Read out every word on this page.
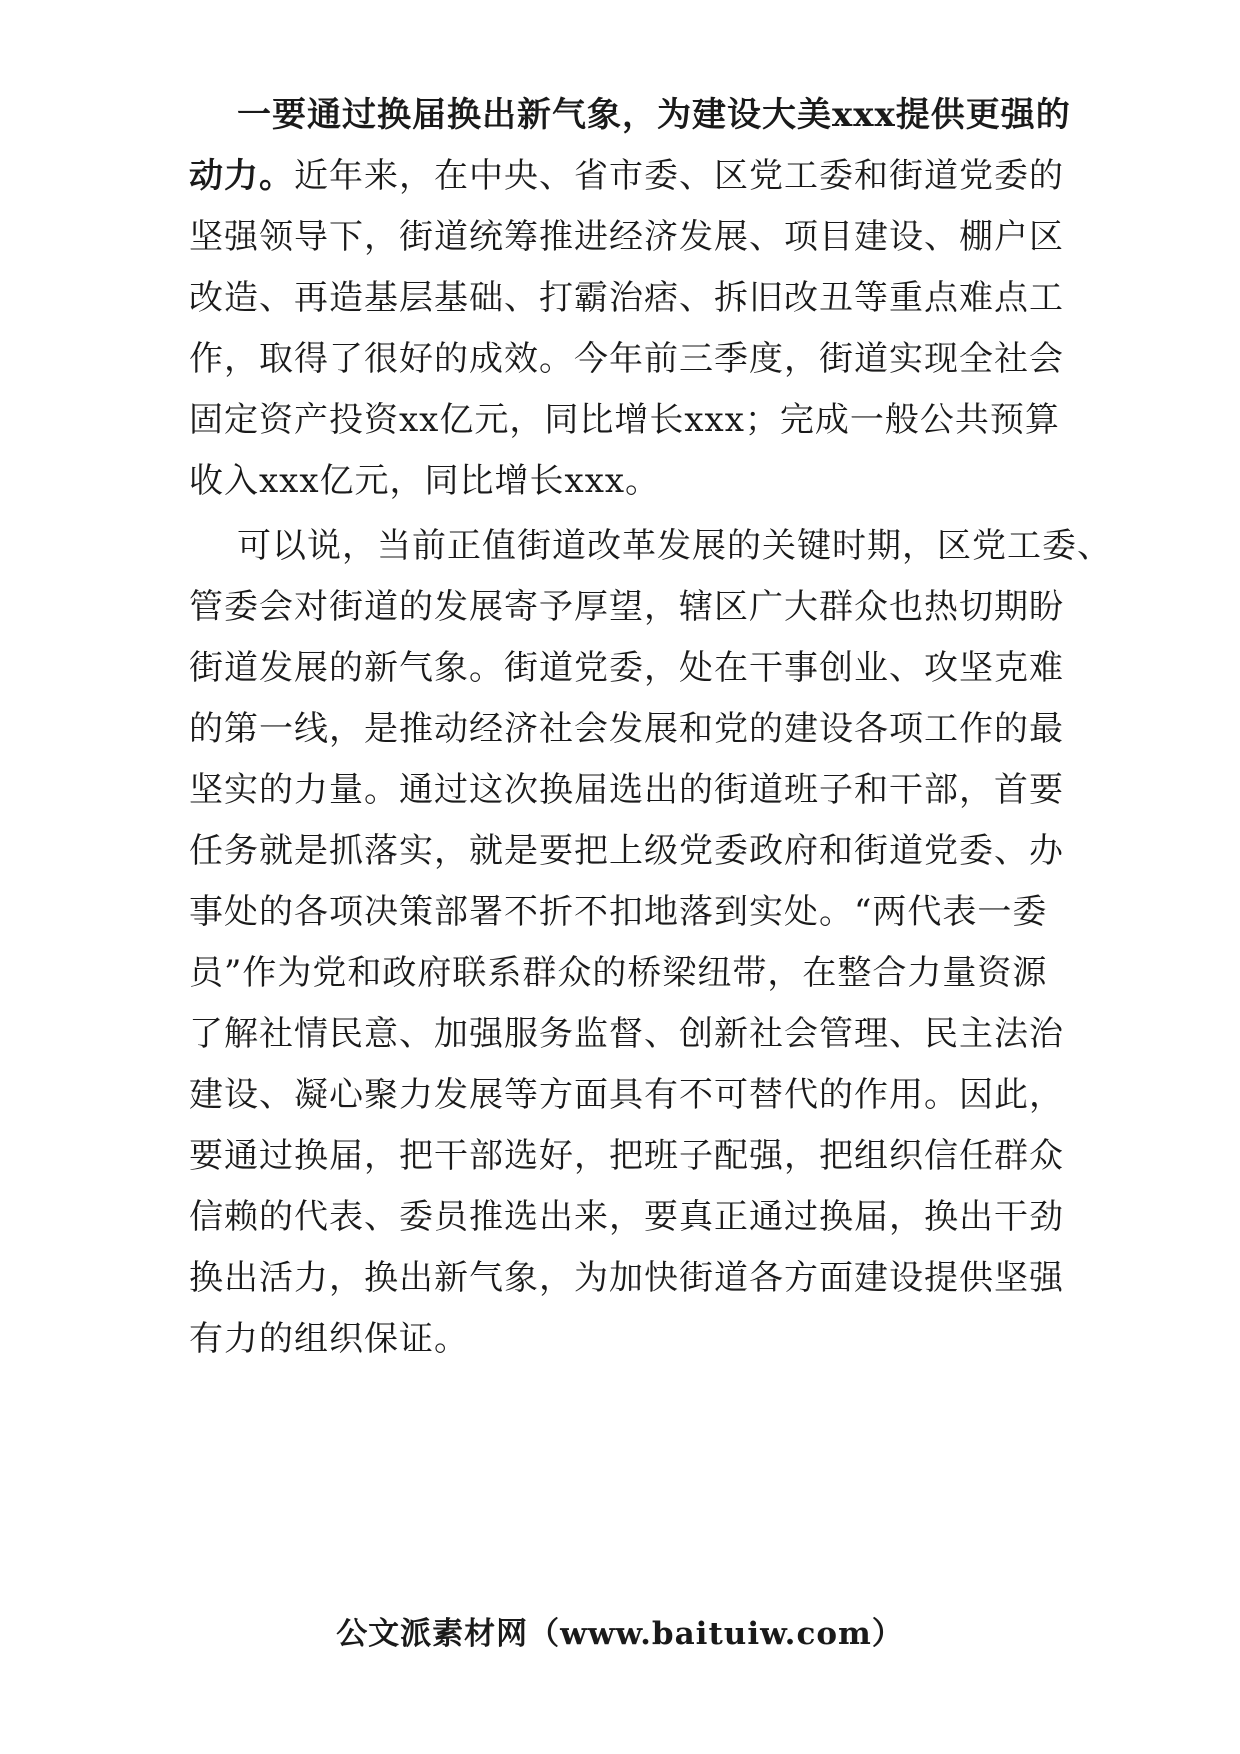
一要通过换届换出新气象，为建设大美xxx提供更强的
动力。近年来，在中央、省市委、区党工委和街道党委的
坚强领导下，街道统筹推进经济发展、项目建设、棚户区
改造、再造基层基础、打霸治痞、拆旧改丑等重点难点工
作，取得了很好的成效。今年前三季度，街道实现全社会
固定资产投资xx亿元，同比增长xxx；完成一般公共预算
收入xxx亿元，同比增长xxx。
可以说，当前正值街道改革发展的关键时期，区党工委、
管委会对街道的发展寄予厚望，辖区广大群众也热切期盼
街道发展的新气象。街道党委，处在干事创业、攻坚克难
的第一线，是推动经济社会发展和党的建设各项工作的最
坚实的力量。通过这次换届选出的街道班子和干部，首要
任务就是抓落实，就是要把上级党委政府和街道党委、办
事处的各项决策部署不折不扣地落到实处。“两代表一委
员”作为党和政府联系群众的桥梁纽带，在整合力量资源
了解社情民意、加强服务监督、创新社会管理、民主法治
建设、凝心聚力发展等方面具有不可替代的作用。因此，
要通过换届，把干部选好，把班子配强，把组织信任群众
信赖的代表、委员推选出来，要真正通过换届，换出干劲
换出活力，换出新气象，为加快街道各方面建设提供坚强
有力的组织保证。
公文派素材网（www.baituiw.com）
